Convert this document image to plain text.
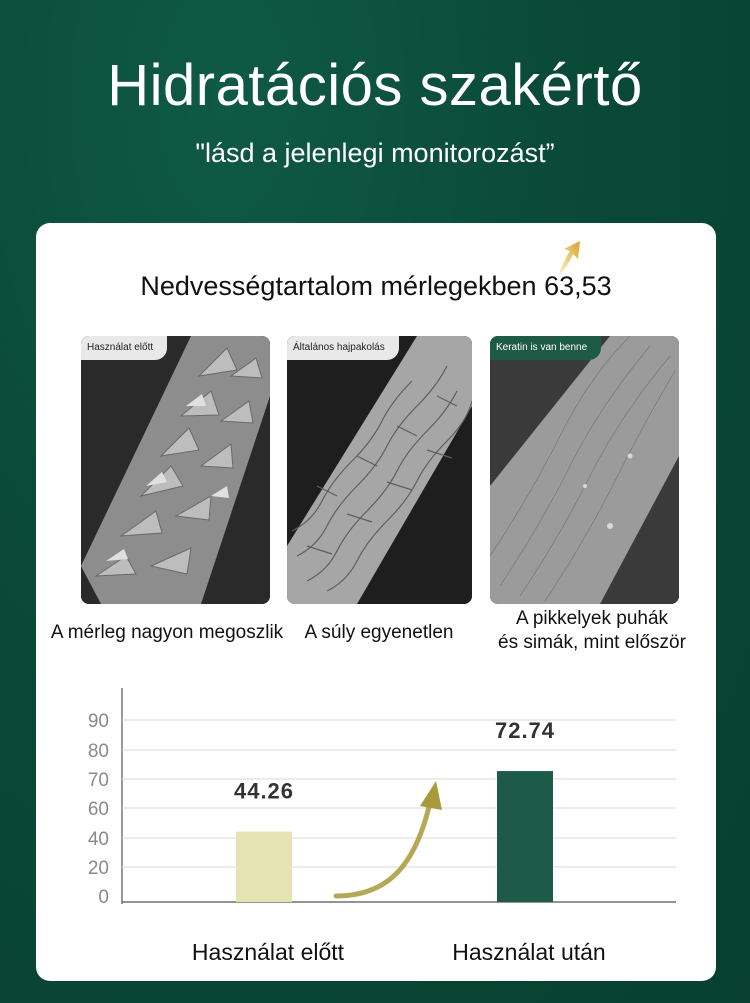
Hidratációs szakértő
"lásd a jelenlegi monitorozást”
Nedvességtartalom mérlegekben 63,53
Használat előtt	Általános hajpakolás	Keratin is van benne
A mérleg nagyon megoszlik	A súly egyenetlen
A pikkelyek puhák
és simák, mint először
0
20
40
60
70
80
90
44.26
Használat előtt
72.74
Használat után
